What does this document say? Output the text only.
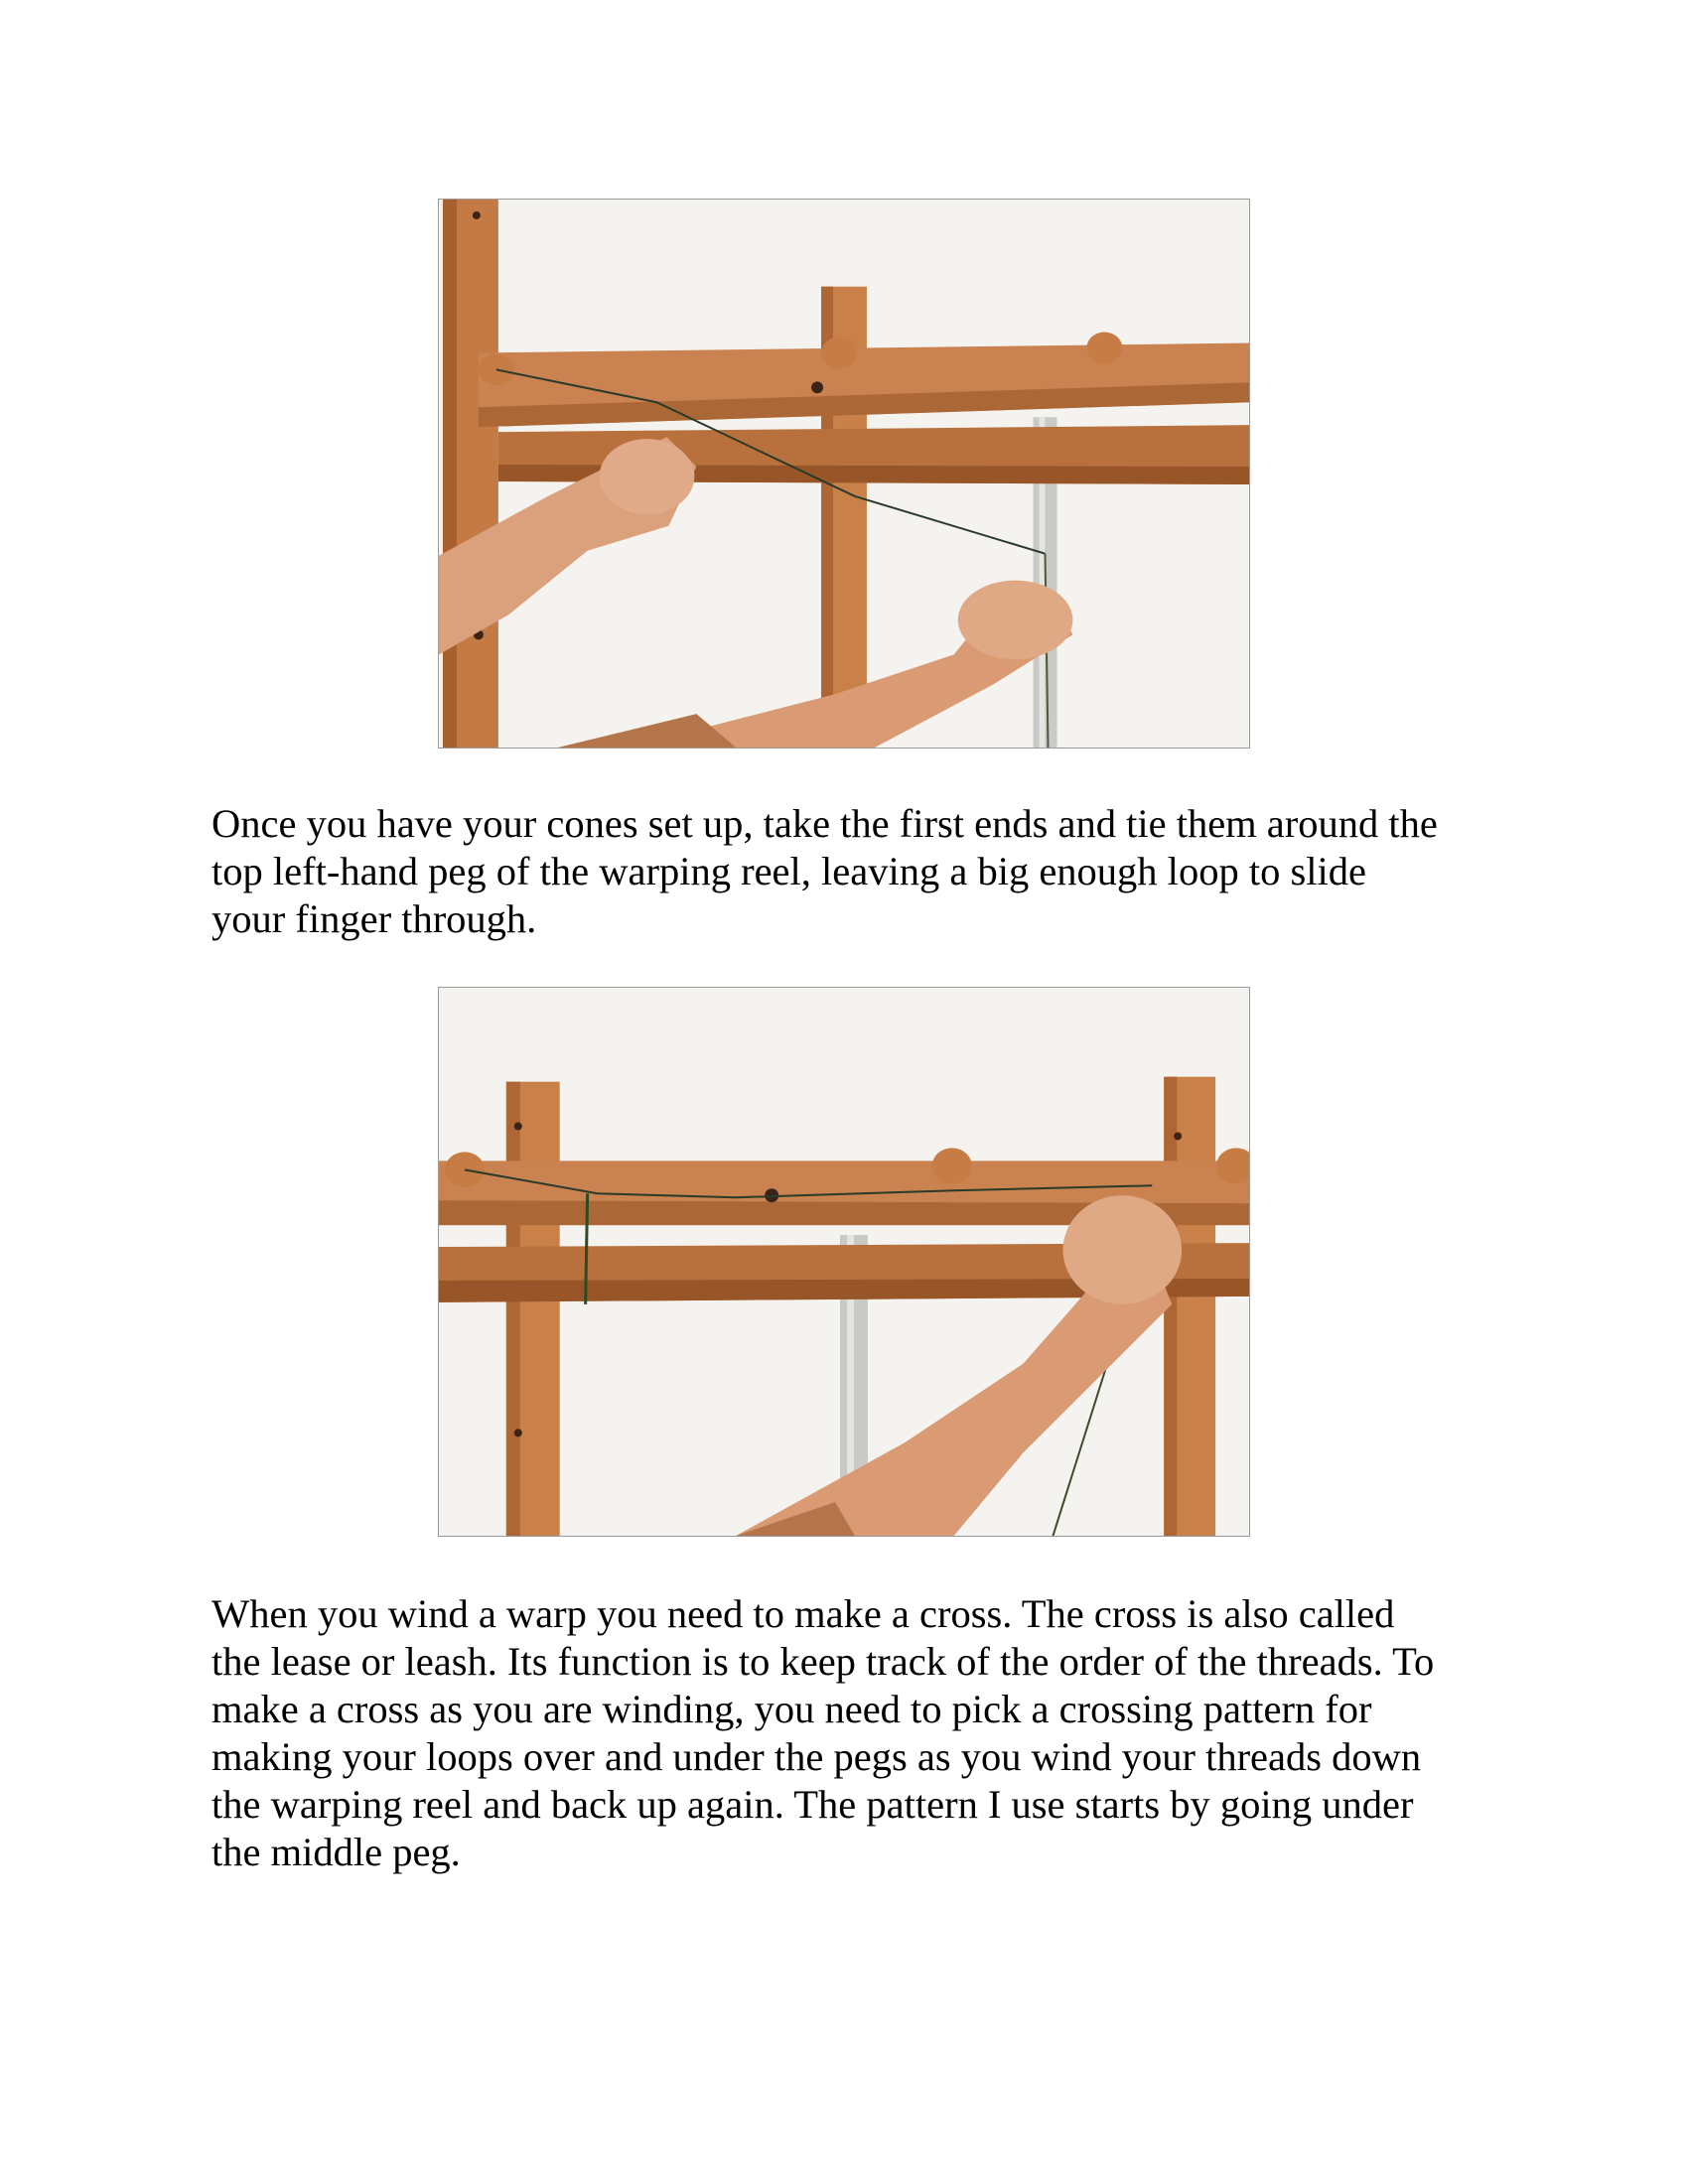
Once you have your cones set up, take the first ends and tie them around the
top left-hand peg of the warping reel, leaving a big enough loop to slide
your finger through.

When you wind a warp you need to make a cross. The cross is also called
the lease or leash. Its function is to keep track of the order of the threads. To
make a cross as you are winding, you need to pick a crossing pattern for
making your loops over and under the pegs as you wind your threads down
the warping reel and back up again. The pattern I use starts by going under
the middle peg.
